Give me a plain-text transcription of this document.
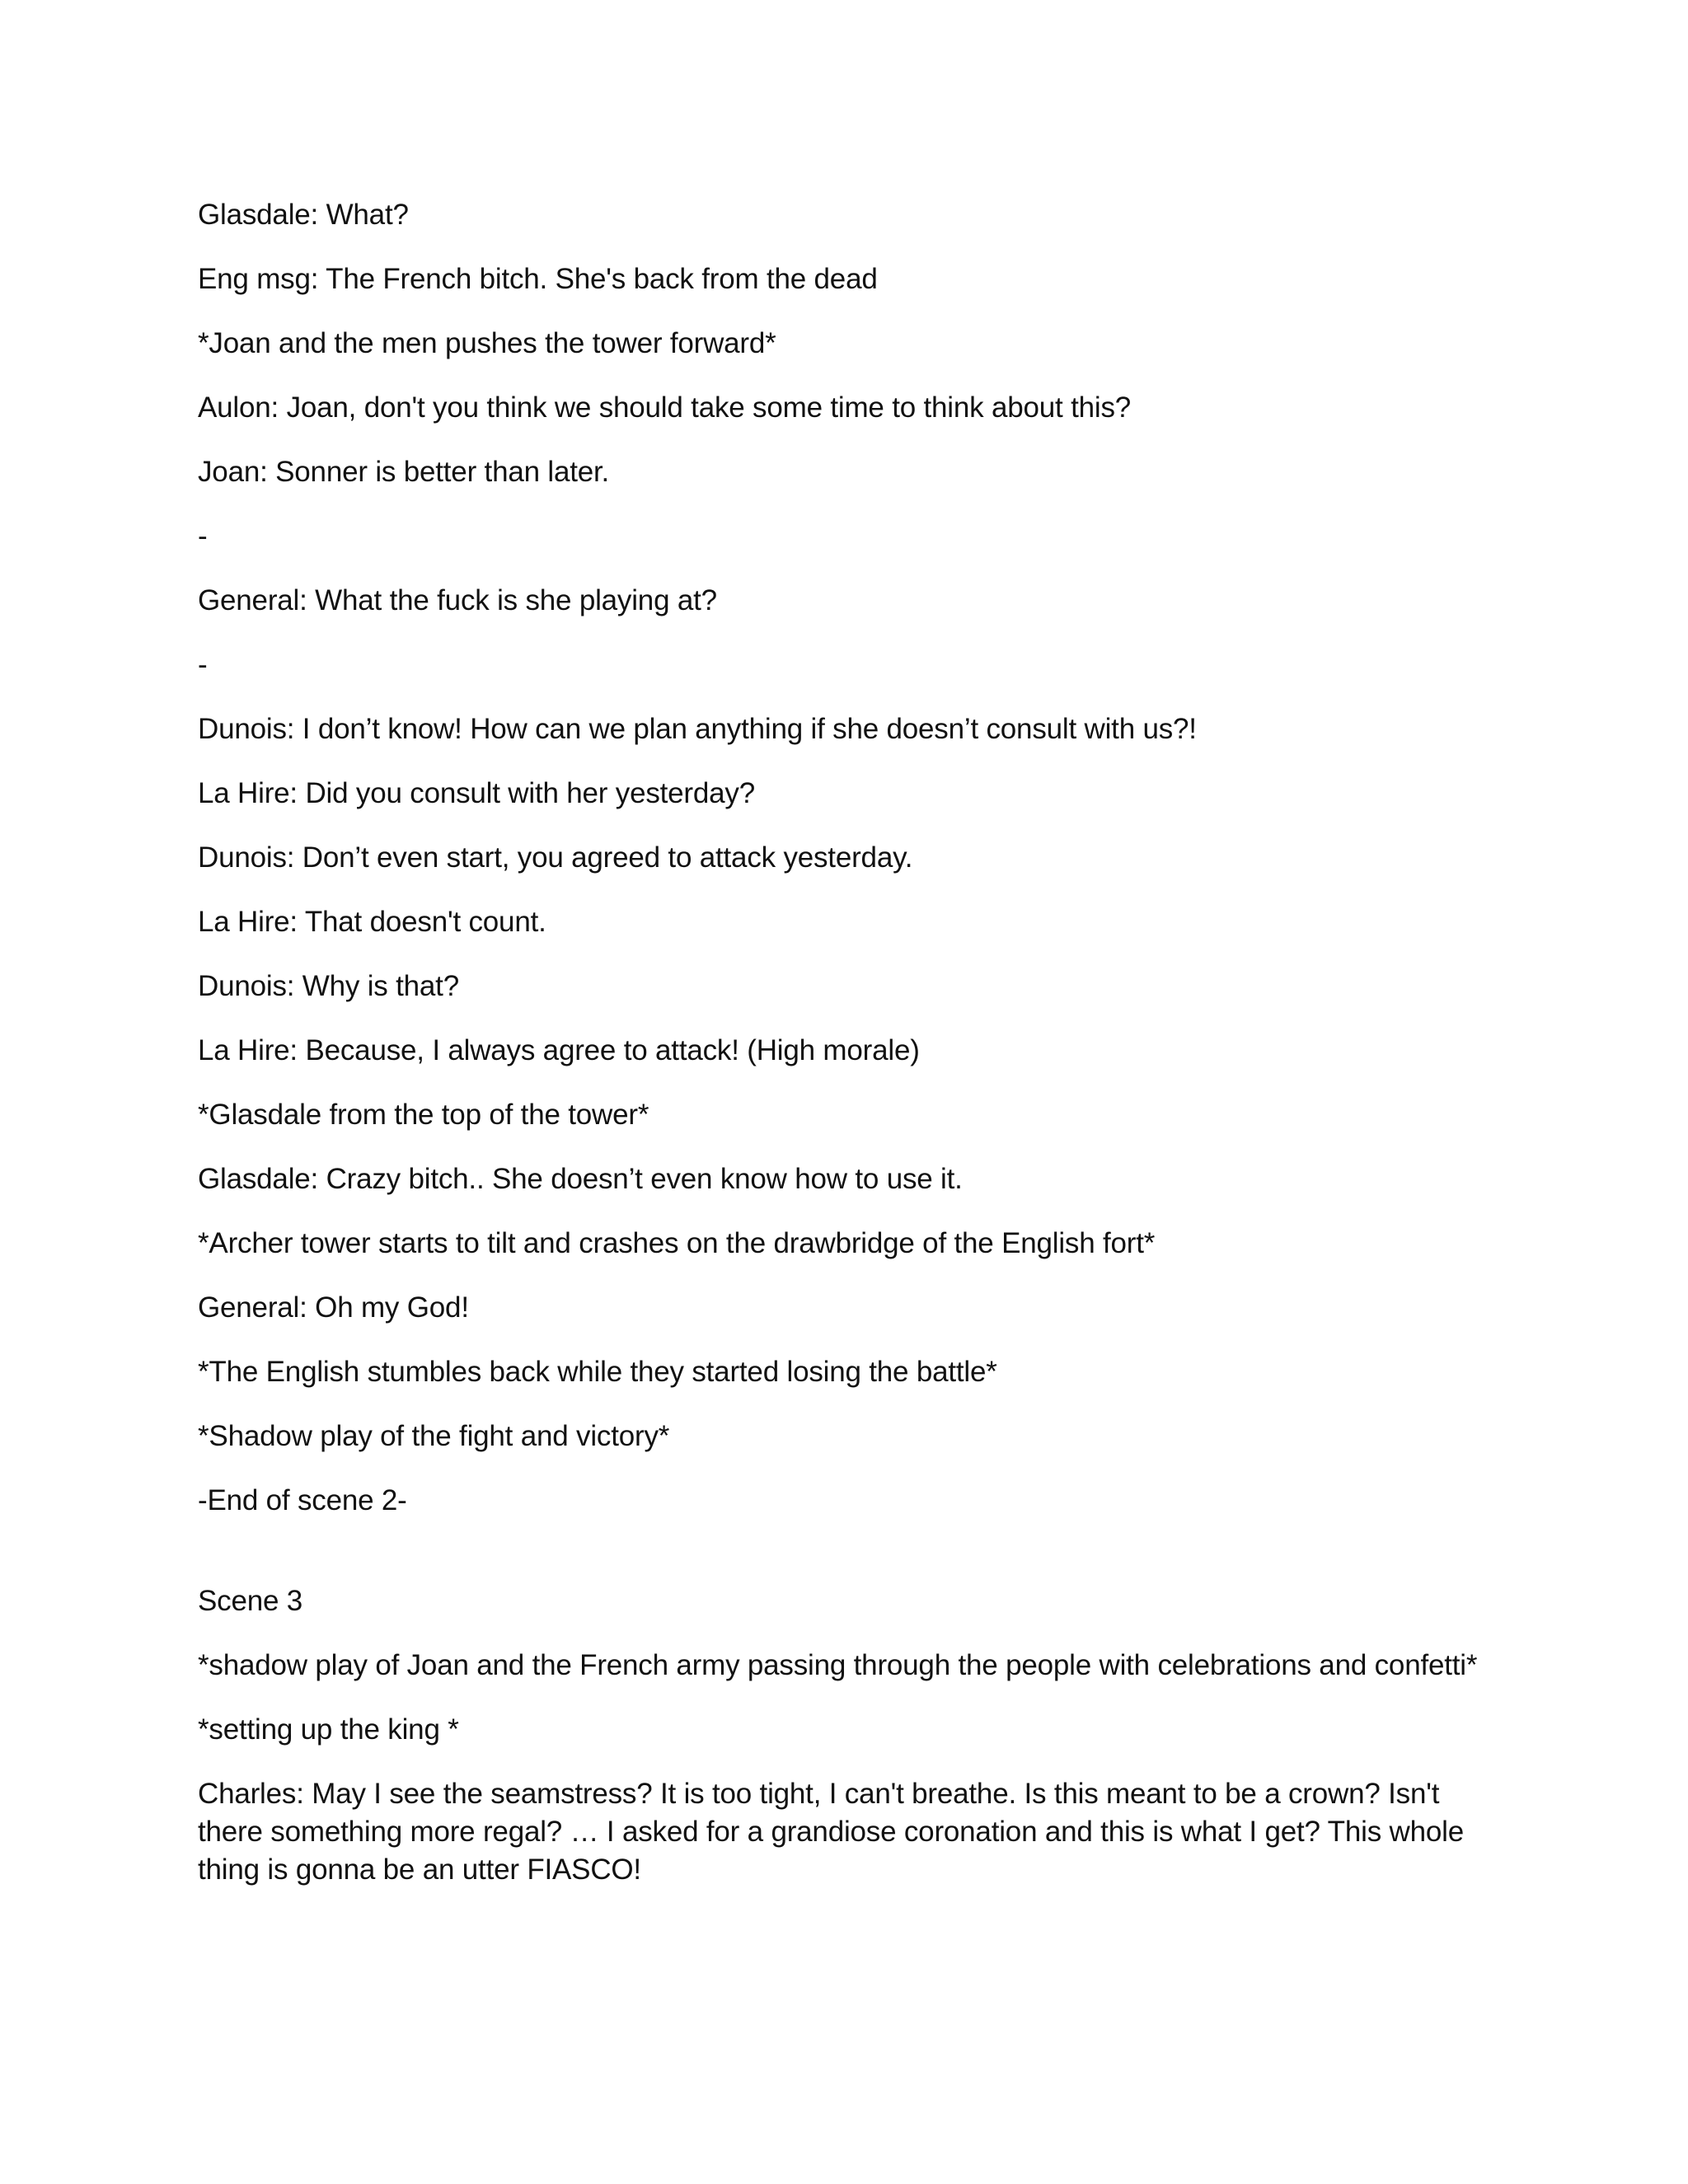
Glasdale: What?
Eng msg: The French bitch. She's back from the dead
*Joan and the men pushes the tower forward*
Aulon: Joan, don't you think we should take some time to think about this?
Joan: Sonner is better than later.
-
General: What the fuck is she playing at?
-
Dunois: I don’t know! How can we plan anything if she doesn’t consult with us?!
La Hire: Did you consult with her yesterday?
Dunois: Don’t even start, you agreed to attack yesterday.
La Hire: That doesn't count.
Dunois: Why is that?
La Hire: Because, I always agree to attack! (High morale)
*Glasdale from the top of the tower*
Glasdale: Crazy bitch.. She doesn’t even know how to use it.
*Archer tower starts to tilt and crashes on the drawbridge of the English fort*
General: Oh my God!
*The English stumbles back while they started losing the battle*
*Shadow play of the fight and victory*
-End of scene 2-
Scene 3
*shadow play of Joan and the French army passing through the people with celebrations and confetti*
*setting up the king *
Charles: May I see the seamstress? It is too tight, I can't breathe. Is this meant to be a crown? Isn't there something more regal? … I asked for a grandiose coronation and this is what I get? This whole thing is gonna be an utter FIASCO!
